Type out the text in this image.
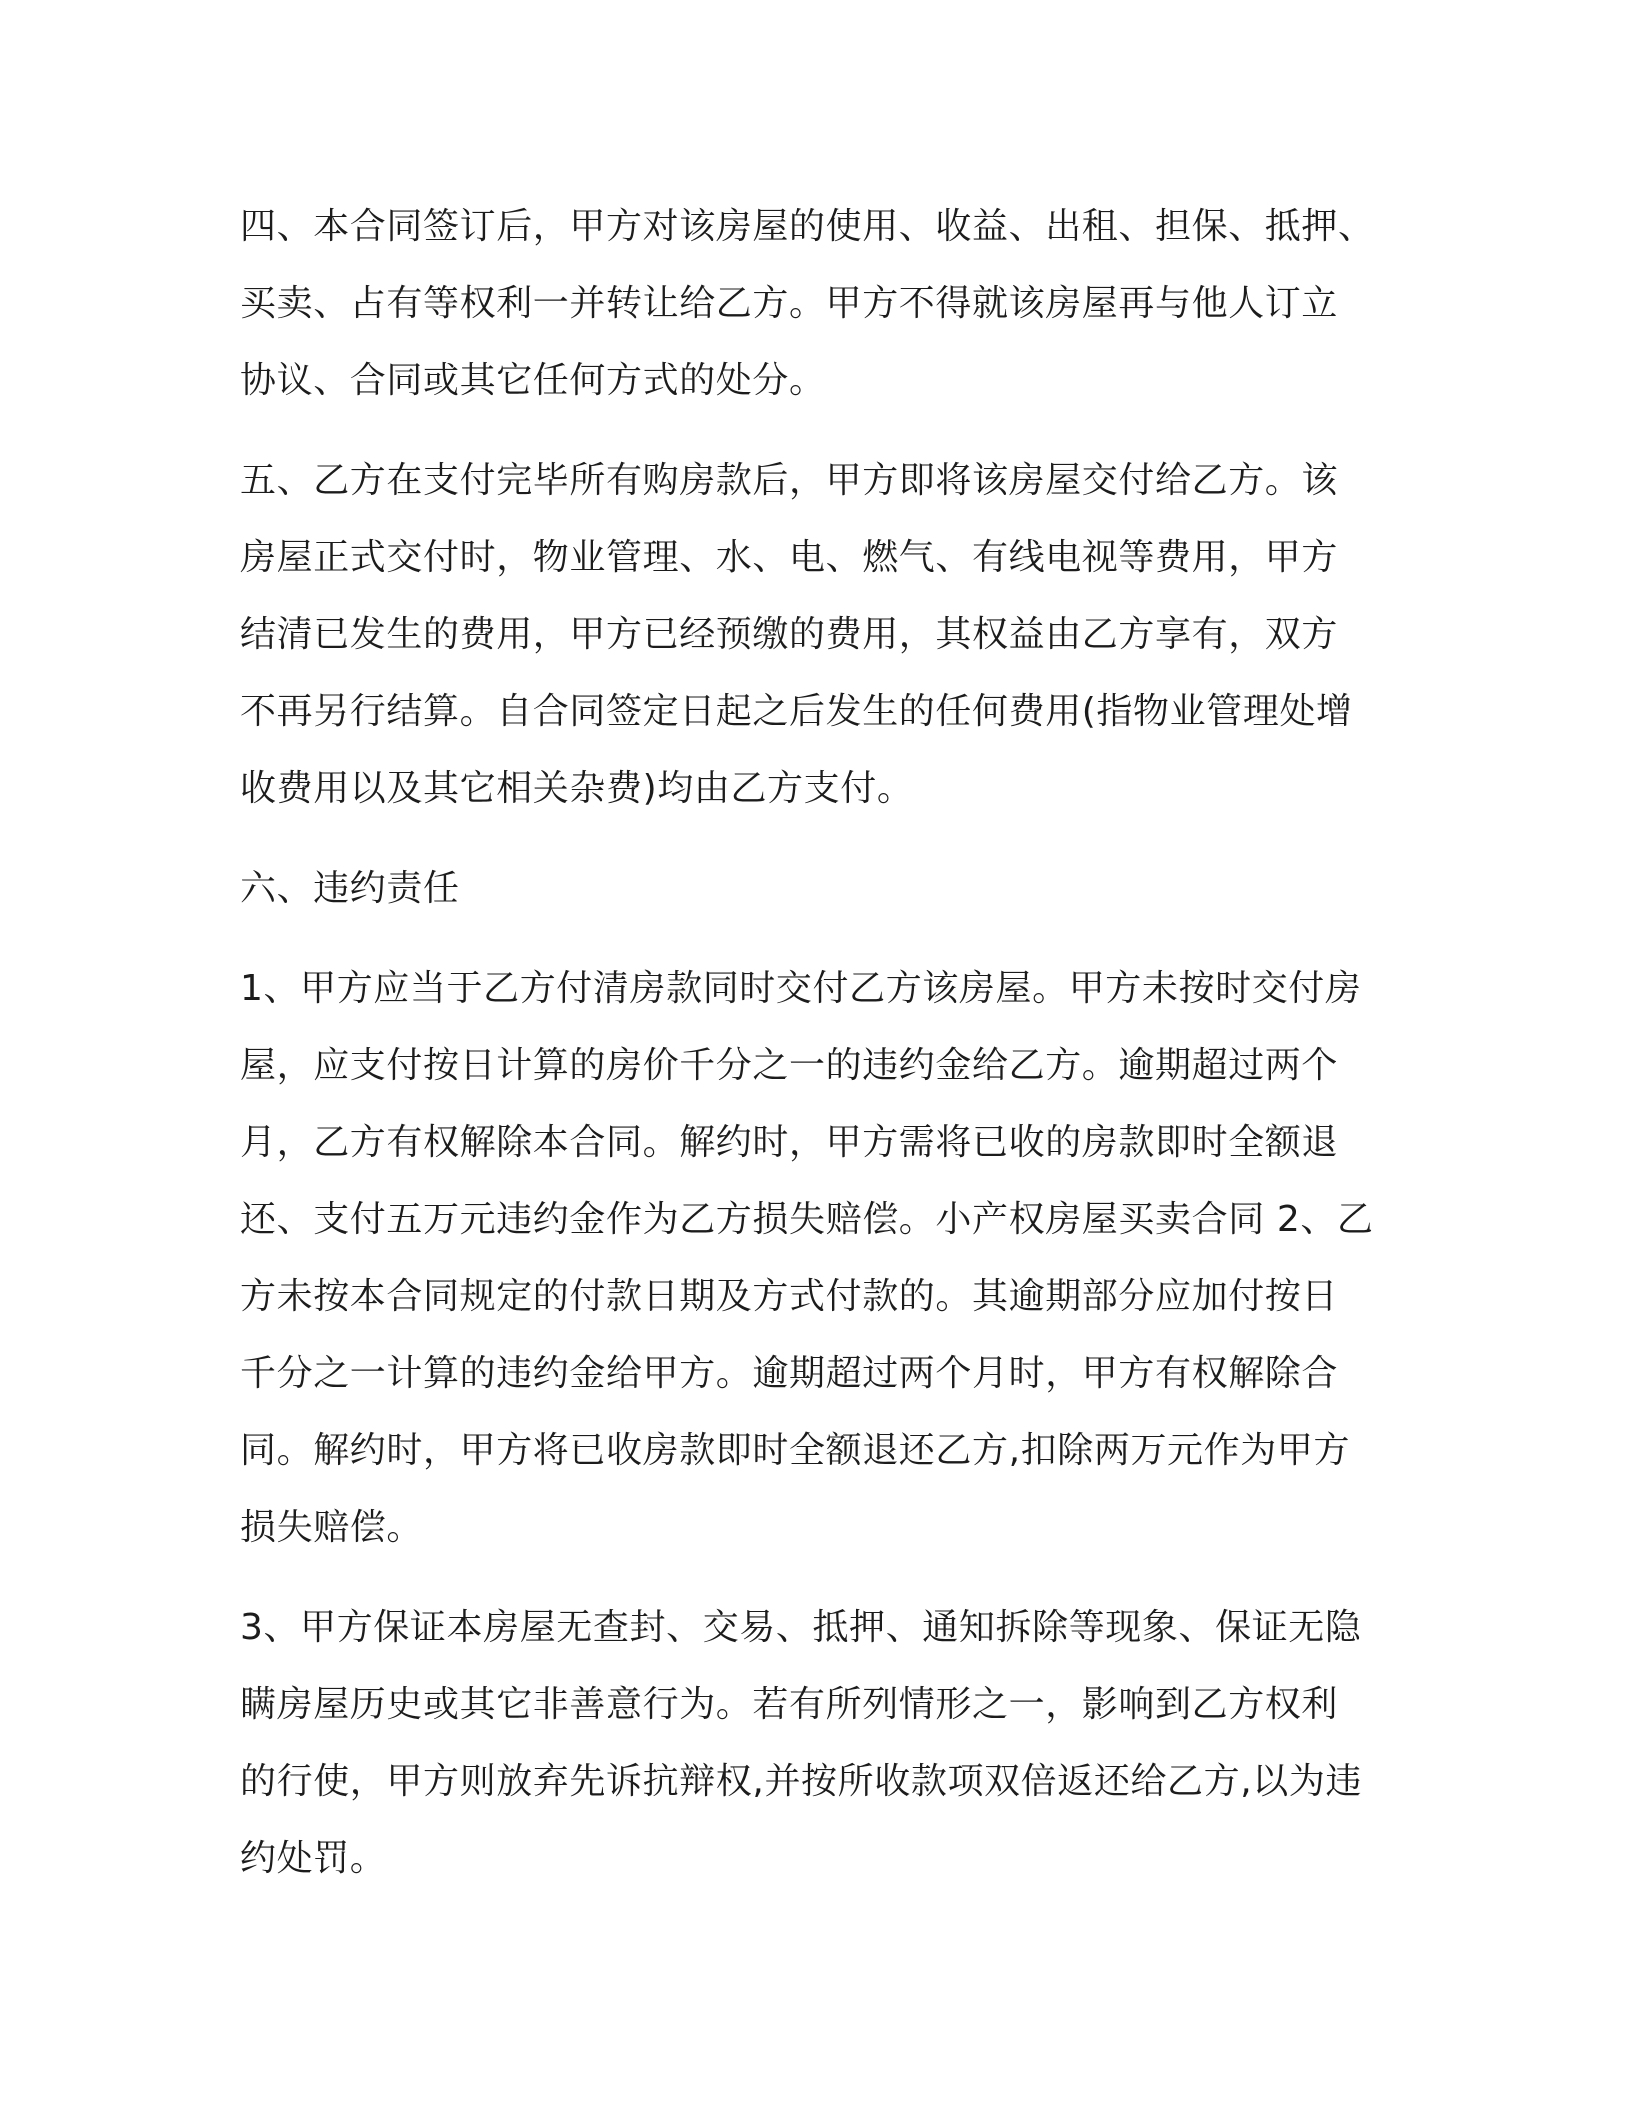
四、本合同签订后，甲方对该房屋的使用、收益、出租、担保、抵押、
买卖、占有等权利一并转让给乙方。甲方不得就该房屋再与他人订立
协议、合同或其它任何方式的处分。
五、乙方在支付完毕所有购房款后，甲方即将该房屋交付给乙方。该
房屋正式交付时，物业管理、水、电、燃气、有线电视等费用，甲方
结清已发生的费用，甲方已经预缴的费用，其权益由乙方享有，双方
不再另行结算。自合同签定日起之后发生的任何费用(指物业管理处增
收费用以及其它相关杂费)均由乙方支付。
六、违约责任
1、甲方应当于乙方付清房款同时交付乙方该房屋。甲方未按时交付房
屋，应支付按日计算的房价千分之一的违约金给乙方。逾期超过两个
月，乙方有权解除本合同。解约时，甲方需将已收的房款即时全额退
还、支付五万元违约金作为乙方损失赔偿。小产权房屋买卖合同 2、乙
方未按本合同规定的付款日期及方式付款的。其逾期部分应加付按日
千分之一计算的违约金给甲方。逾期超过两个月时，甲方有权解除合
同。解约时，甲方将已收房款即时全额退还乙方,扣除两万元作为甲方
损失赔偿。
3、甲方保证本房屋无查封、交易、抵押、通知拆除等现象、保证无隐
瞒房屋历史或其它非善意行为。若有所列情形之一，影响到乙方权利
的行使，甲方则放弃先诉抗辩权,并按所收款项双倍返还给乙方,以为违
约处罚。
